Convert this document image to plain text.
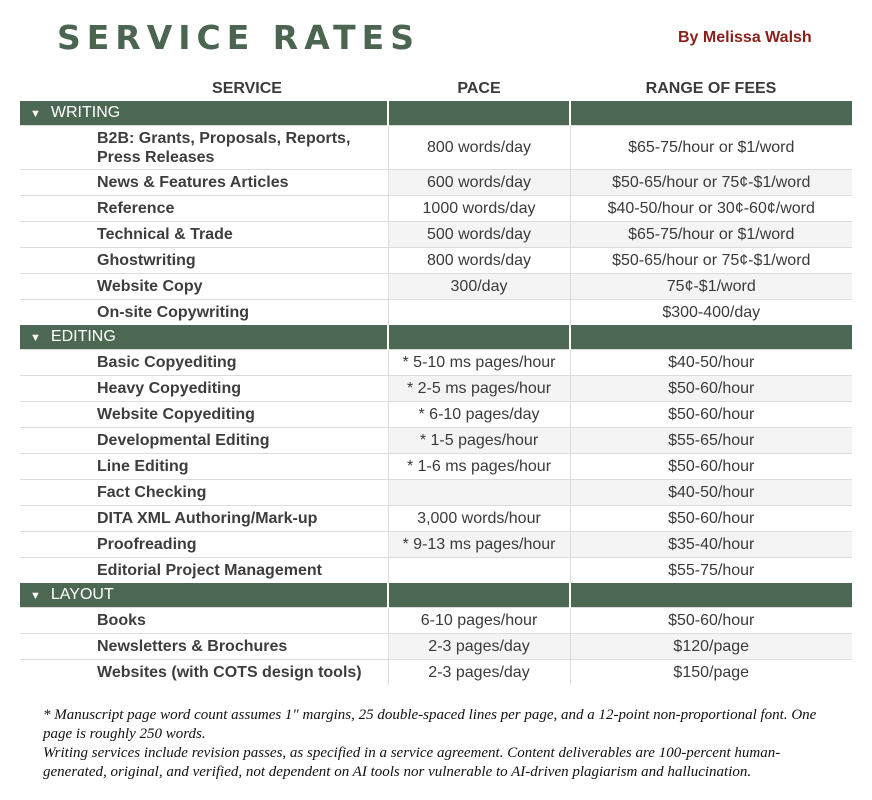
SERVICE RATES	By Melissa Walsh
SERVICE	PACE	RANGE OF FEES
▼ WRITING		
B2B: Grants, Proposals, Reports, Press Releases	800 words/day	$65-75/hour or $1/word
News & Features Articles	600 words/day	$50-65/hour or 75¢-$1/word
Reference	1000 words/day	$40-50/hour or 30¢-60¢/word
Technical & Trade	500 words/day	$65-75/hour or $1/word
Ghostwriting	800 words/day	$50-65/hour or 75¢-$1/word
Website Copy	300/day	75¢-$1/word
On-site Copywriting		$300-400/day
▼ EDITING		
Basic Copyediting	* 5-10 ms pages/hour	$40-50/hour
Heavy Copyediting	* 2-5 ms pages/hour	$50-60/hour
Website Copyediting	* 6-10 pages/day	$50-60/hour
Developmental Editing	* 1-5 pages/hour	$55-65/hour
Line Editing	* 1-6 ms pages/hour	$50-60/hour
Fact Checking		$40-50/hour
DITA XML Authoring/Mark-up	3,000 words/hour	$50-60/hour
Proofreading	* 9-13 ms pages/hour	$35-40/hour
Editorial Project Management		$55-75/hour
▼ LAYOUT		
Books	6-10 pages/hour	$50-60/hour
Newsletters & Brochures	2-3 pages/day	$120/page
Websites (with COTS design tools)	2-3 pages/day	$150/page

* Manuscript page word count assumes 1" margins, 25 double-spaced lines per page, and a 12-point non-proportional font. One page is roughly 250 words.

Writing services include revision passes, as specified in a service agreement. Content deliverables are 100-percent human-generated, original, and verified, not dependent on AI tools nor vulnerable to AI-driven plagiarism and hallucination.
